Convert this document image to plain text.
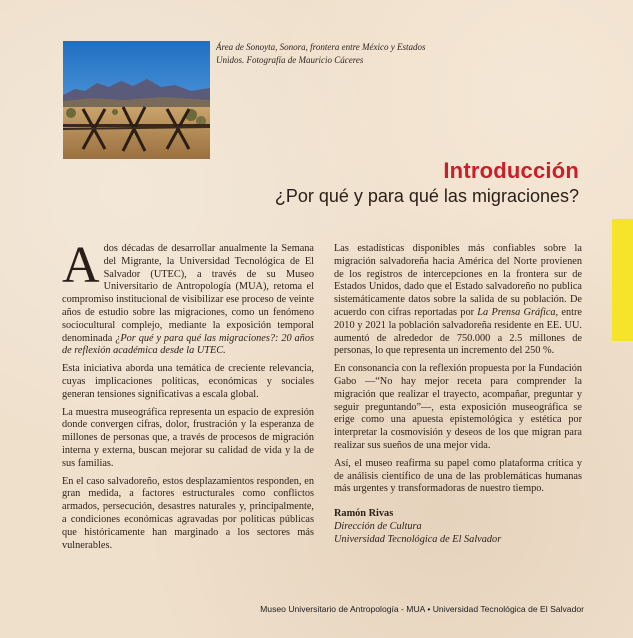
Área de Sonoyta, Sonora, frontera entre México y Estados Unidos. Fotografía de Mauricio Cáceres
Introducción
¿Por qué y para qué las migraciones?

Ados décadas de desarrollar anualmente la Semana del Migrante, la Universidad Tecnológica de El Salvador (UTEC), a través de su Museo Universitario de Antropología (MUA), retoma el compromiso institucional de visibilizar ese proceso de veinte años de estudio sobre las migraciones, como un fenómeno sociocultural complejo, mediante la exposición temporal denominada ¿Por qué y para qué las migraciones?: 20 años de reflexión académica desde la UTEC.

Esta iniciativa aborda una temática de creciente relevancia, cuyas implicaciones políticas, económicas y sociales generan tensiones significativas a escala global.

La muestra museográfica representa un espacio de expresión donde convergen cifras, dolor, frustración y la esperanza de millones de personas que, a través de procesos de migración interna y externa, buscan mejorar su calidad de vida y la de sus familias.

En el caso salvadoreño, estos desplazamientos responden, en gran medida, a factores estructurales como conflictos armados, persecución, desastres naturales y, principalmente, a condiciones económicas agravadas por políticas públicas que históricamente han marginado a los sectores más vulnerables.

Las estadísticas disponibles más confiables sobre la migración salvadoreña hacia América del Norte provienen de los registros de intercepciones en la frontera sur de Estados Unidos, dado que el Estado salvadoreño no publica sistemáticamente datos sobre la salida de su población. De acuerdo con cifras reportadas por La Prensa Gráfica, entre 2010 y 2021 la población salvadoreña residente en EE. UU. aumentó de alrededor de 750.000 a 2.5 millones de personas, lo que representa un incremento del 250 %.

En consonancia con la reflexión propuesta por la Fundación Gabo —“No hay mejor receta para comprender la migración que realizar el trayecto, acompañar, preguntar y seguir preguntando”—, esta exposición museográfica se erige como una apuesta epistemológica y estética por interpretar la cosmovisión y deseos de los que migran para realizar sus sueños de una mejor vida.

Así, el museo reafirma su papel como plataforma crítica y de análisis científico de una de las problemáticas humanas más urgentes y transformadoras de nuestro tiempo.

Ramón Rivas
Dirección de Cultura
Universidad Tecnológica de El Salvador
Museo Universitario de Antropología - MUA • Universidad Tecnológica de El Salvador
